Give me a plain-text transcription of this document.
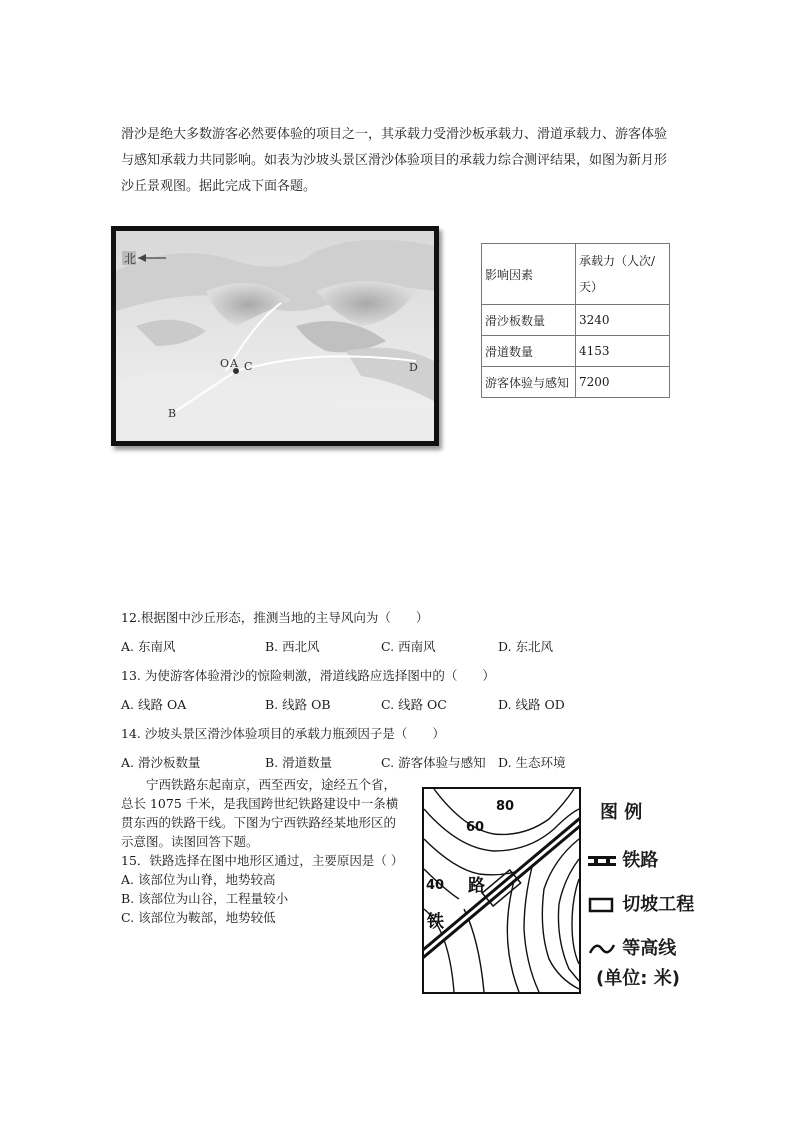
滑沙是绝大多数游客必然要体验的项目之一，其承载力受滑沙板承载力、滑道承载力、游客体验
与感知承载力共同影响。如表为沙坡头景区滑沙体验项目的承载力综合测评结果，如图为新月形
沙丘景观图。据此完成下面各题。
北
O A C
B
D
影响因素	承载力（人次/
天）

滑沙板数量	3240
滑道数量	4153
游客体验与感知	7200
12.根据图中沙丘形态，推测当地的主导风向为（　　）
A. 东南风	B. 西北风	C. 西南风	D. 东北风
13. 为使游客体验滑沙的惊险刺激，滑道线路应选择图中的（　　）
A. 线路 OA	B. 线路 OB	C. 线路 OC	D. 线路 OD
14. 沙坡头景区滑沙体验项目的承载力瓶颈因子是（　　）
A. 滑沙板数量	B. 滑道数量	C. 游客体验与感知 D. 生态环境
　　宁西铁路东起南京，西至西安，途经五个省，
总长 1075 千米，是我国跨世纪铁路建设中一条横
贯东西的铁路干线。下图为宁西铁路经某地形区的
示意图。读图回答下题。
15．铁路选择在图中地形区通过，主要原因是（ ）
A. 该部位为山脊，地势较高
B. 该部位为山谷，工程量较小
C. 该部位为鞍部，地势较低
80
60
40 路
铁
图 例
铁路
切坡工程
等高线
(单位: 米)
